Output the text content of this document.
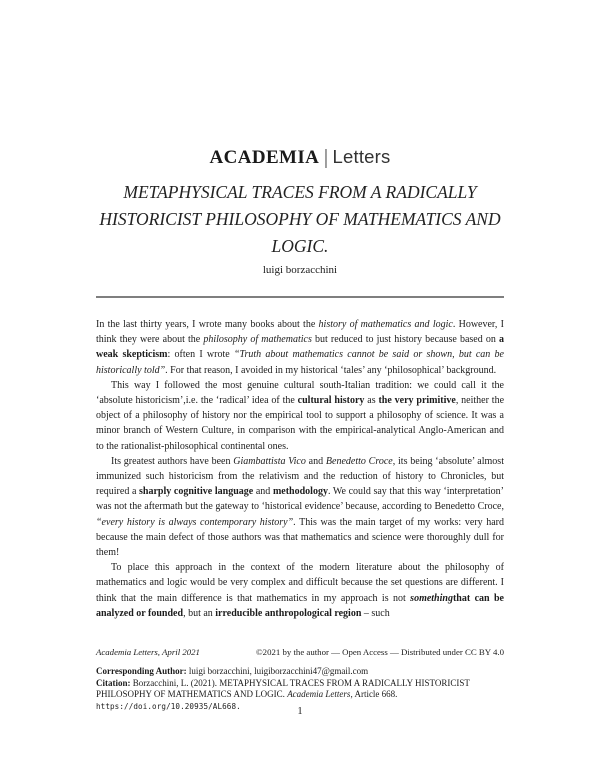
ACADEMIA | Letters
METAPHYSICAL TRACES FROM A RADICALLY
HISTORICIST PHILOSOPHY OF MATHEMATICS AND
LOGIC.
luigi borzacchini

In the last thirty years, I wrote many books about the history of mathematics and logic. However, I think they were about the philosophy of mathematics but reduced to just history because based on a weak skepticism: often I wrote “Truth about mathematics cannot be said or shown, but can be historically told”. For that reason, I avoided in my historical ‘tales’ any ‘philosophical’ background.

This way I followed the most genuine cultural south-Italian tradition: we could call it the ‘absolute historicism’,i.e. the ‘radical’ idea of the cultural history as the very primitive, neither the object of a philosophy of history nor the empirical tool to support a philosophy of science. It was a minor branch of Western Culture, in comparison with the empirical-analytical Anglo-American and to the rationalist-philosophical continental ones.

Its greatest authors have been Giambattista Vico and Benedetto Croce, its being ‘absolute’ almost immunized such historicism from the relativism and the reduction of history to Chronicles, but required a sharply cognitive language and methodology. We could say that this way ‘interpretation’ was not the aftermath but the gateway to ‘historical evidence’ because, according to Benedetto Croce, “every history is always contemporary history”. This was the main target of my works: very hard because the main defect of those authors was that mathematics and science were thoroughly dull for them!

To place this approach in the context of the modern literature about the philosophy of mathematics and logic would be very complex and difficult because the set questions are different. I think that the main difference is that mathematics in my approach is not somethingthat can be analyzed or founded, but an irreducible anthropological region – such

Academia Letters, April 2021	©2021 by the author — Open Access — Distributed under CC BY 4.0
Corresponding Author: luigi borzacchini, luigiborzacchini47@gmail.com
Citation: Borzacchini, L. (2021). METAPHYSICAL TRACES FROM A RADICALLY HISTORICIST PHILOSOPHY OF MATHEMATICS AND LOGIC. Academia Letters, Article 668.
https://doi.org/10.20935/AL668.	1
